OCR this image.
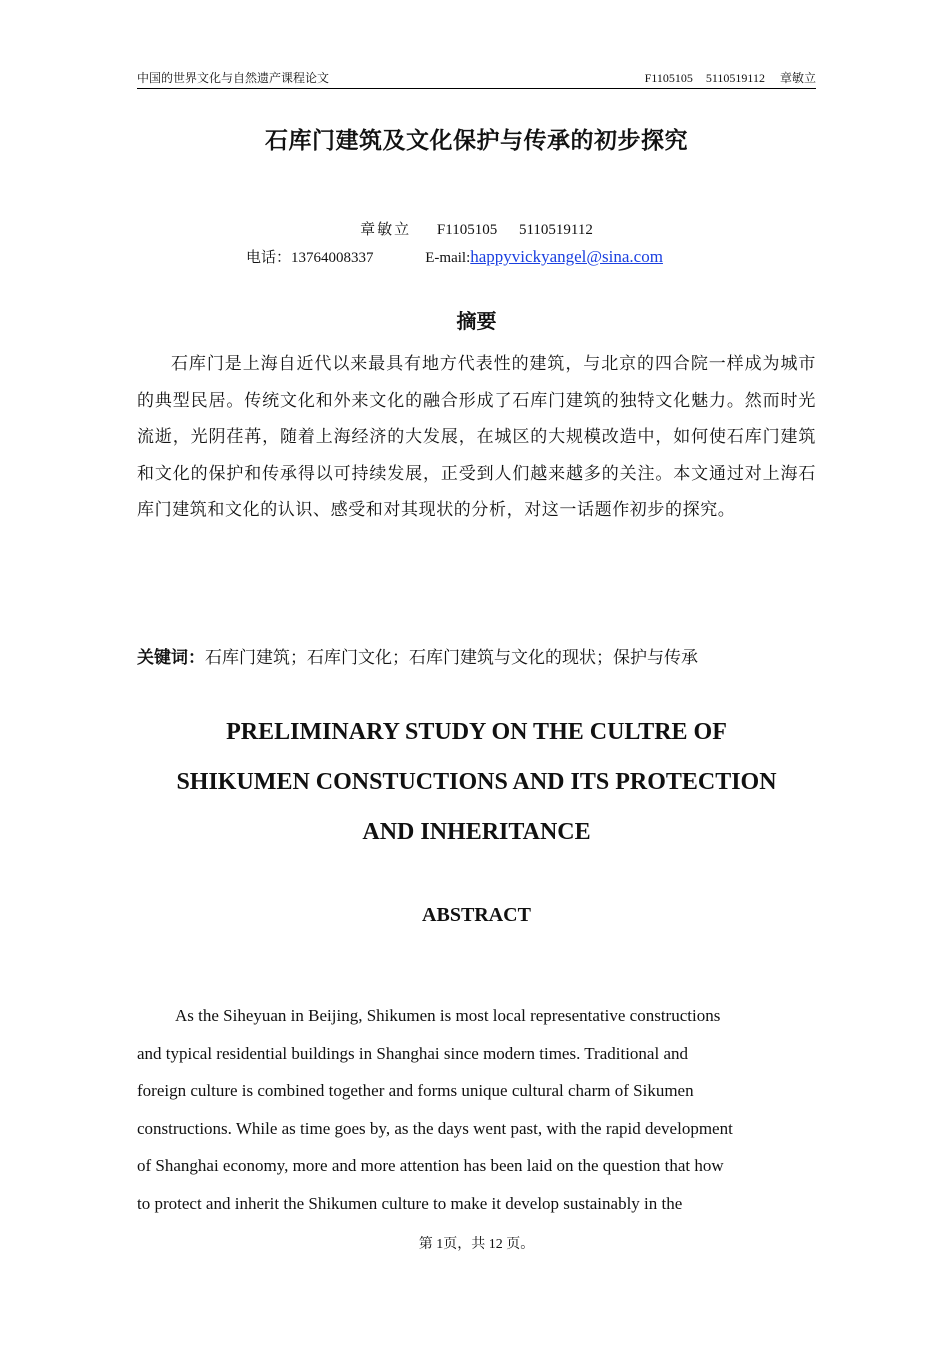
中国的世界文化与自然遗产课程论文	F1105105 5110519112 章敏立
石库门建筑及文化保护与传承的初步探究
章敏立 F1105105 5110519112
电话：13764008337	E-mail:happyvickyangel@sina.com
摘要

石库门是上海自近代以来最具有地方代表性的建筑，与北京的四合院一样成为城市的典型民居。传统文化和外来文化的融合形成了石库门建筑的独特文化魅力。然而时光流逝，光阴荏苒，随着上海经济的大发展，在城区的大规模改造中，如何使石库门建筑和文化的保护和传承得以可持续发展，正受到人们越来越多的关注。本文通过对上海石库门建筑和文化的认识、感受和对其现状的分析，对这一话题作初步的探究。

关键词：石库门建筑；石库门文化；石库门建筑与文化的现状；保护与传承
PRELIMINARY STUDY ON THE CULTRE OF
SHIKUMEN CONSTUCTIONS AND ITS PROTECTION
AND INHERITANCE
ABSTRACT
As the Siheyuan in Beijing, Shikumen is most local representative constructions
and typical residential buildings in Shanghai since modern times. Traditional and
foreign culture is combined together and forms unique cultural charm of Sikumen
constructions. While as time goes by, as the days went past, with the rapid development
of Shanghai economy, more and more attention has been laid on the question that how
to protect and inherit the Shikumen culture to make it develop sustainably in the
第 1页，共 12 页。
